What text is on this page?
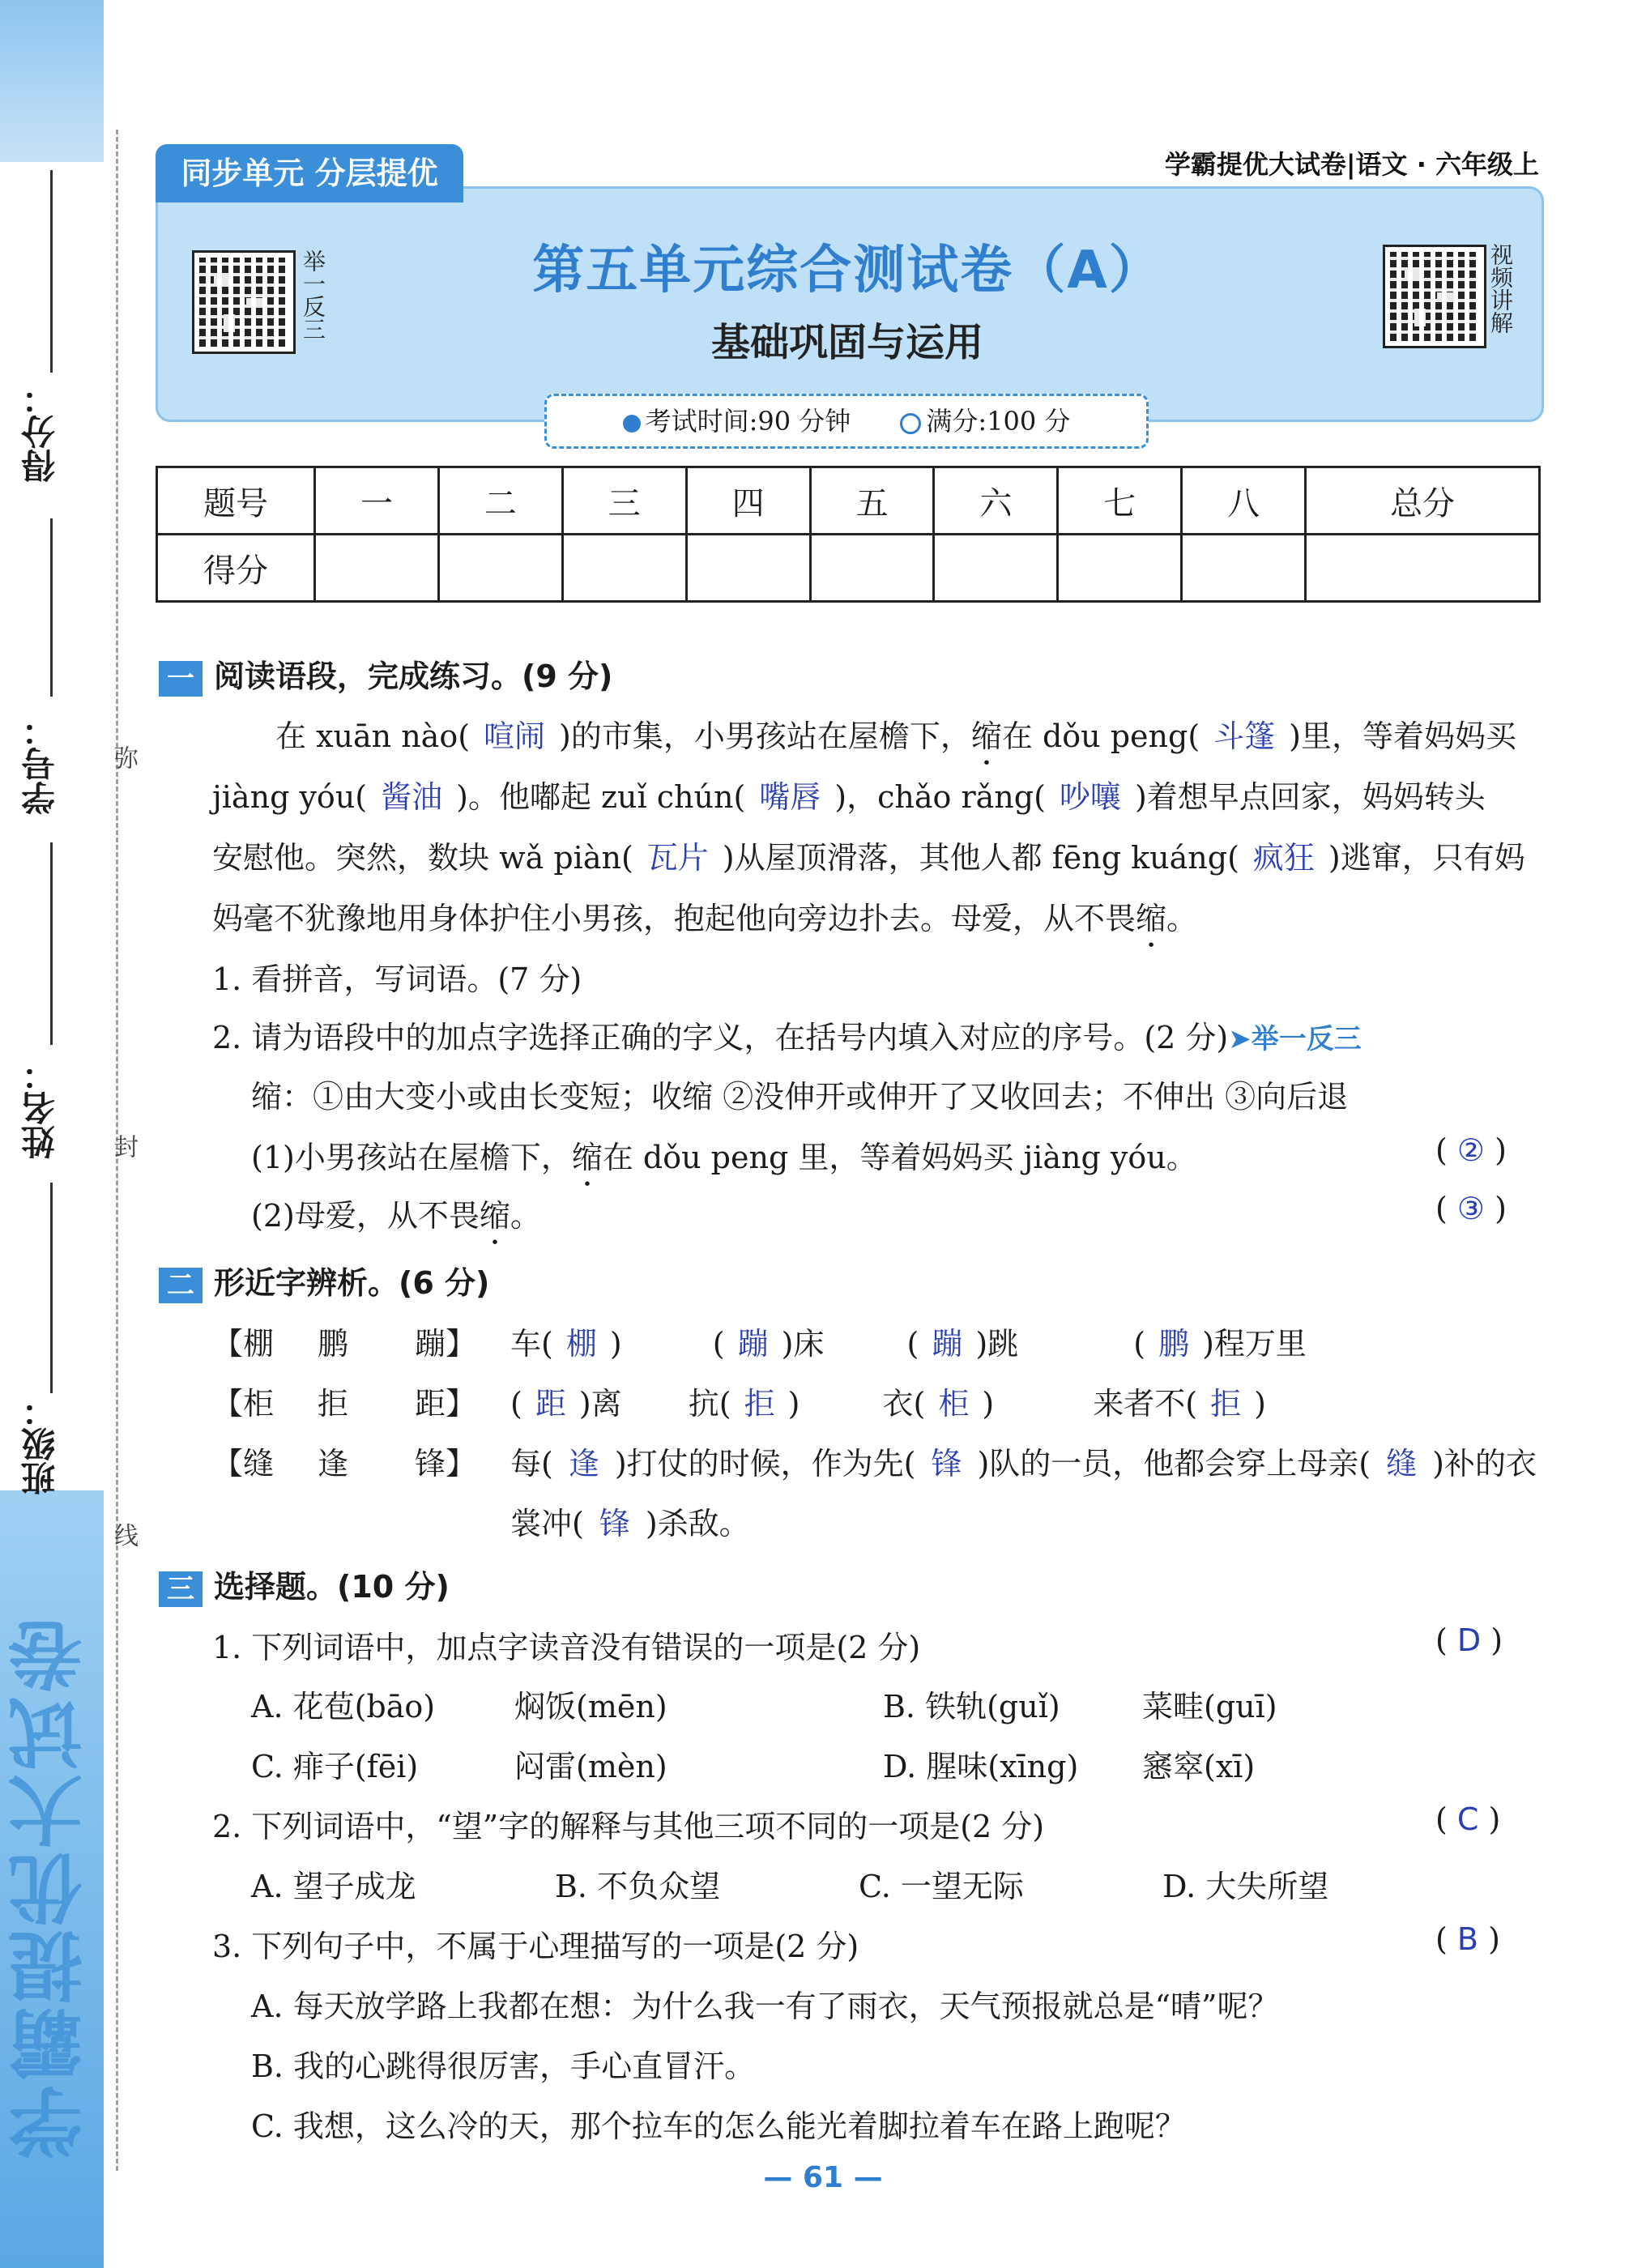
学霸提优大试卷
得分：
学号：
姓名：
班级：
弥
封
线
同步单元 分层提优	学霸提优大试卷|语文 · 六年级上
举一反三	视频讲解
第五单元综合测试卷（A）
基础巩固与运用
考试时间:90 分钟	满分:100 分
题号	一	二	三	四	五	六	七	八	总分
得分									
一 阅读语段，完成练习。(9 分)
在 xuān nào( 喧闹 )的市集，小男孩站在屋檐下，缩在 dǒu peng( 斗篷 )里，等着妈妈买
jiàng yóu( 酱油 )。他嘟起 zuǐ chún( 嘴唇 )，chǎo rǎng( 吵嚷 )着想早点回家，妈妈转头
安慰他。突然，数块 wǎ piàn( 瓦片 )从屋顶滑落，其他人都 fēng kuáng( 疯狂 )逃窜，只有妈
妈毫不犹豫地用身体护住小男孩，抱起他向旁边扑去。母爱，从不畏缩。
1. 看拼音，写词语。(7 分)
2. 请为语段中的加点字选择正确的字义，在括号内填入对应的序号。(2 分)➤举一反三
缩：①由大变小或由长变短；收缩 ②没伸开或伸开了又收回去；不伸出 ③向后退
(1)小男孩站在屋檐下，缩在 dǒu peng 里，等着妈妈买 jiàng yóu。	( ② )
(2)母爱，从不畏缩。	( ③ )
二 形近字辨析。(6 分)
【棚 鹏 蹦】	车( 棚 )	( 蹦 )床	( 蹦 )跳	( 鹏 )程万里
【柜 拒 距】	( 距 )离 抗( 拒 )	衣( 柜 )	来者不( 拒 )
【缝 逢 锋】	每( 逢 )打仗的时候，作为先( 锋 )队的一员，他都会穿上母亲( 缝 )补的衣
裳冲( 锋 )杀敌。
三 选择题。(10 分)
1. 下列词语中，加点字读音没有错误的一项是(2 分)	( D )
A. 花苞(bāo)	焖饭(mēn)	B. 铁轨(guǐ)	菜畦(guī)
C. 痱子(fēi)	闷雷(mèn)	D. 腥味(xīng) 窸窣(xī)
2. 下列词语中，“望”字的解释与其他三项不同的一项是(2 分)	( C )
A. 望子成龙	B. 不负众望	C. 一望无际	D. 大失所望
3. 下列句子中，不属于心理描写的一项是(2 分)	( B )
A. 每天放学路上我都在想：为什么我一有了雨衣，天气预报就总是“晴”呢？
B. 我的心跳得很厉害，手心直冒汗。
C. 我想，这么冷的天，那个拉车的怎么能光着脚拉着车在路上跑呢？
— 61 —
